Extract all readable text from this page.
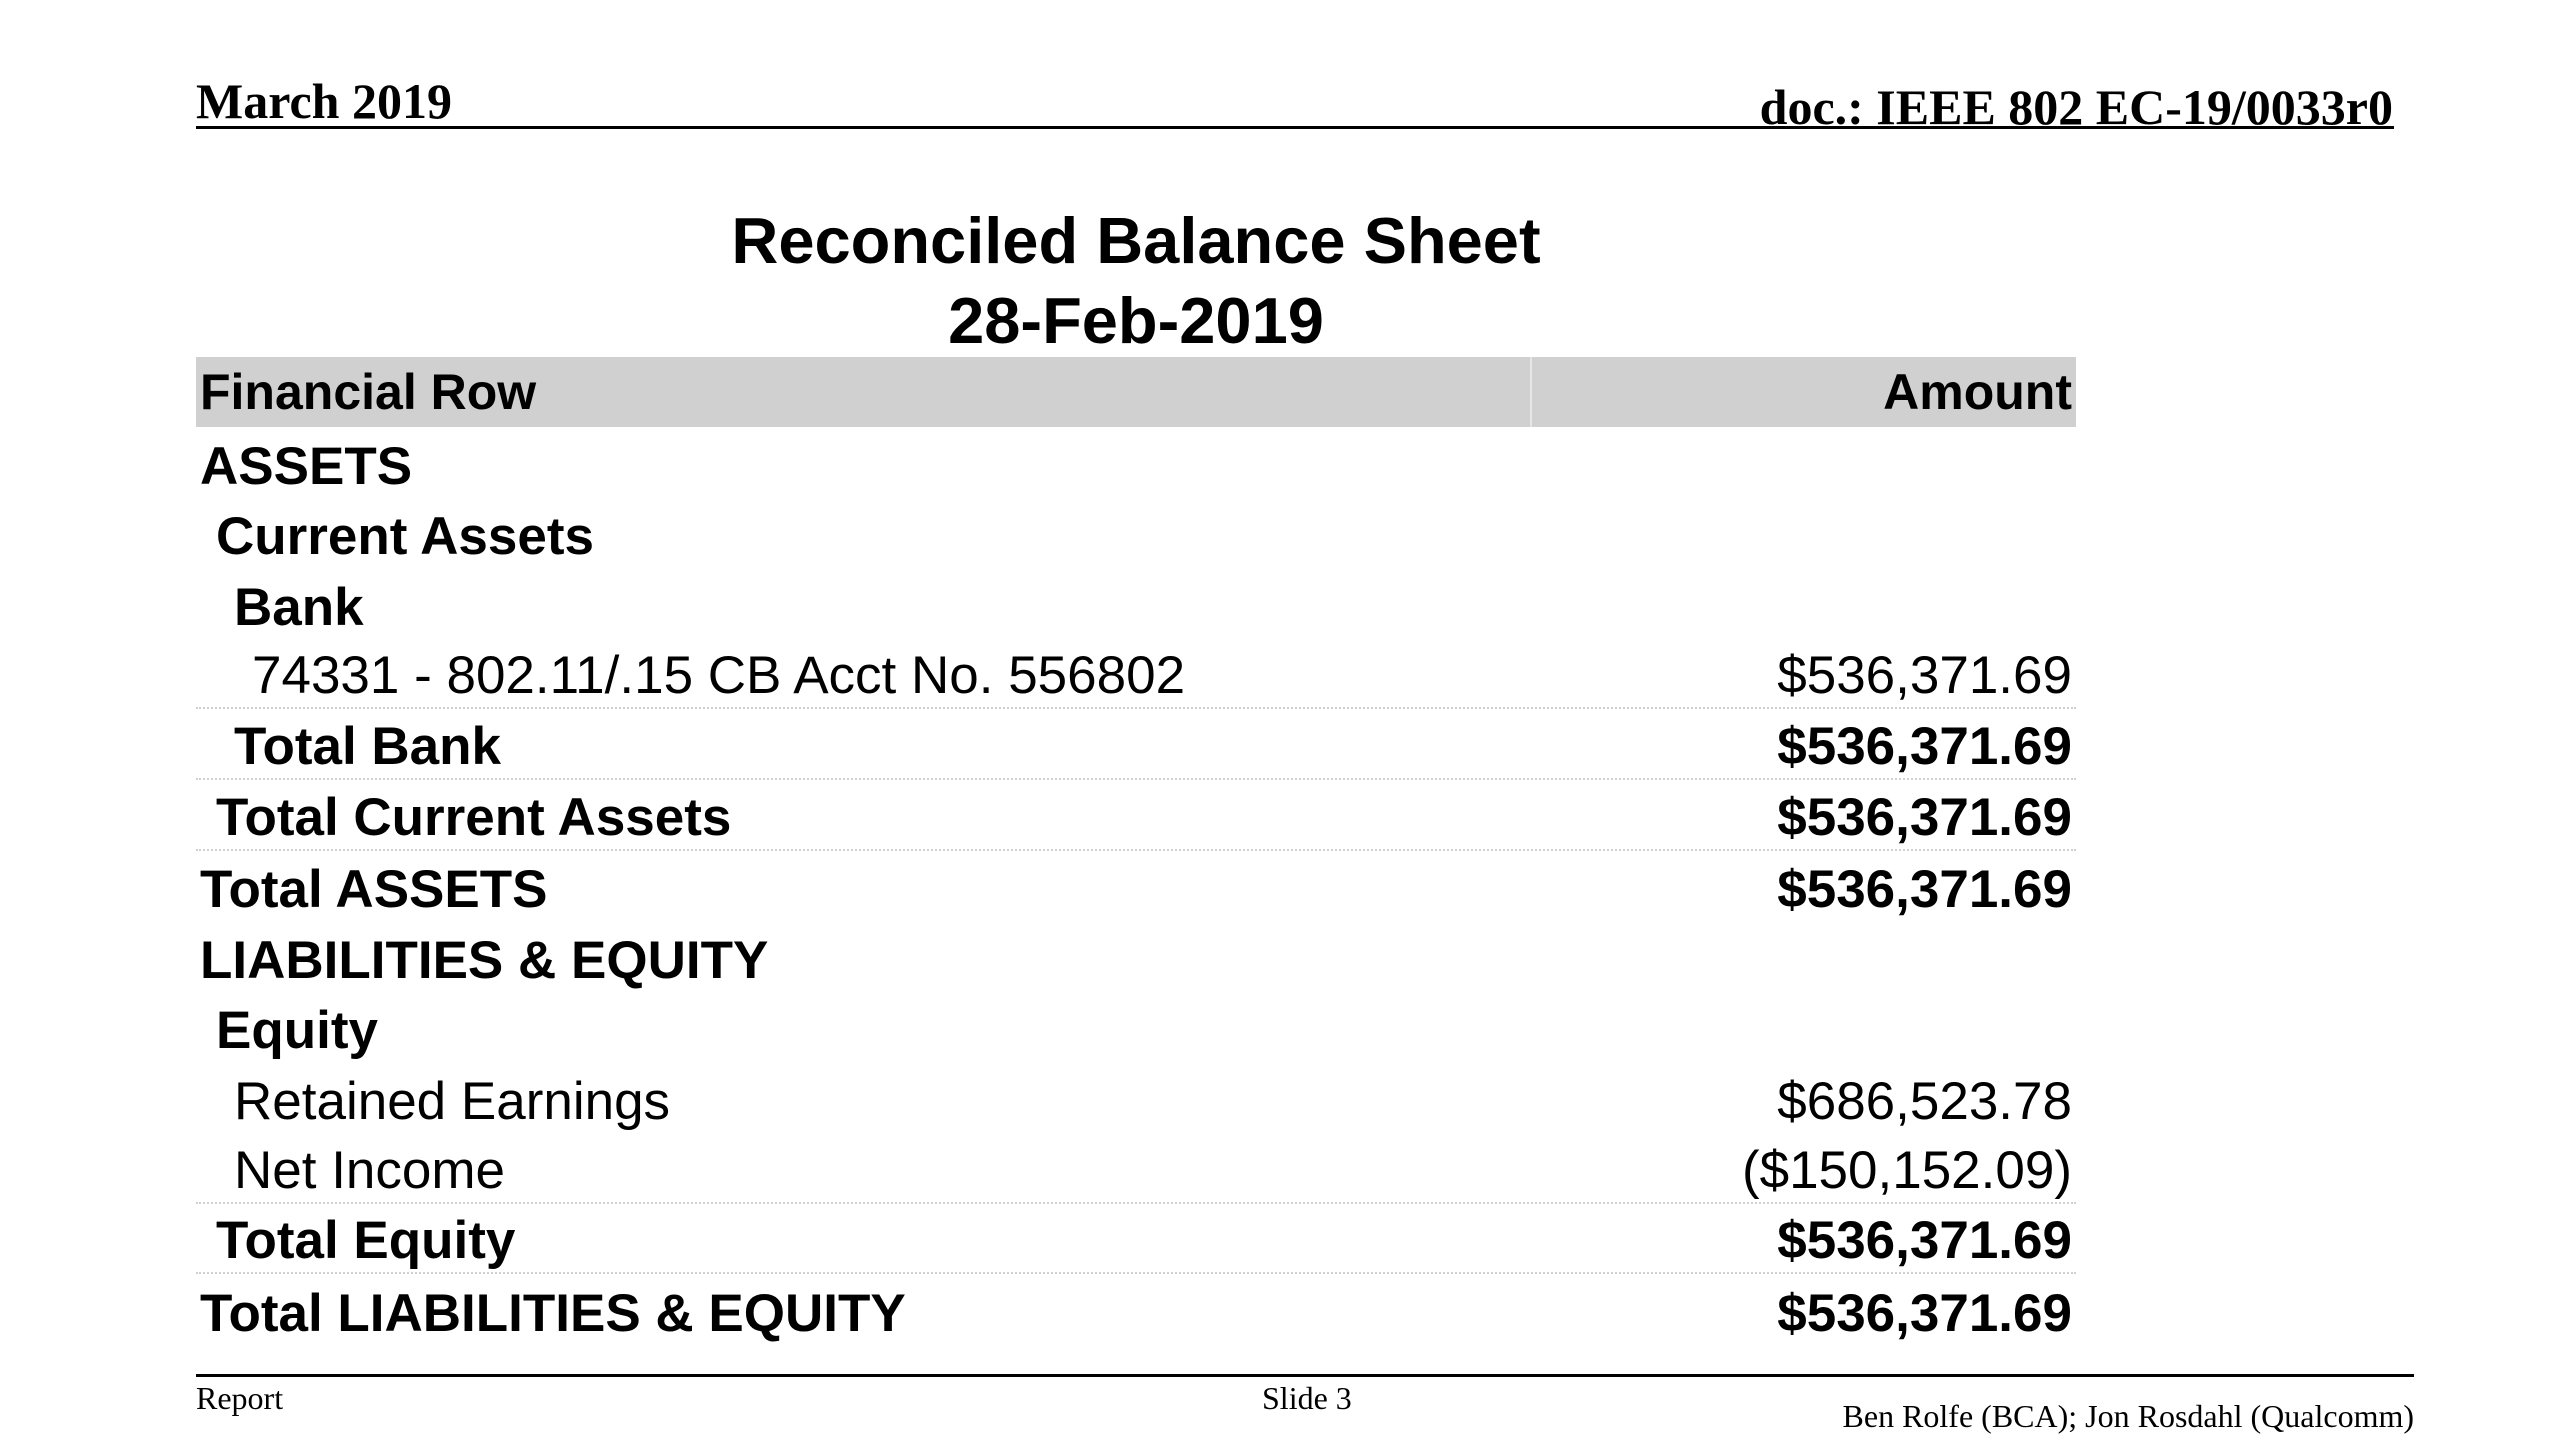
March 2019	doc.: IEEE 802 EC-19/0033r0
Reconciled Balance Sheet
28-Feb-2019
Financial Row	Amount
ASSETS
Current Assets
Bank
74331 - 802.11/.15 CB Acct No. 556802	$536,371.69
Total Bank	$536,371.69
Total Current Assets	$536,371.69
Total ASSETS	$536,371.69
LIABILITIES & EQUITY
Equity
Retained Earnings	$686,523.78
Net Income	($150,152.09)
Total Equity	$536,371.69
Total LIABILITIES & EQUITY	$536,371.69
Report	Slide 3	Ben Rolfe (BCA); Jon Rosdahl (Qualcomm)
